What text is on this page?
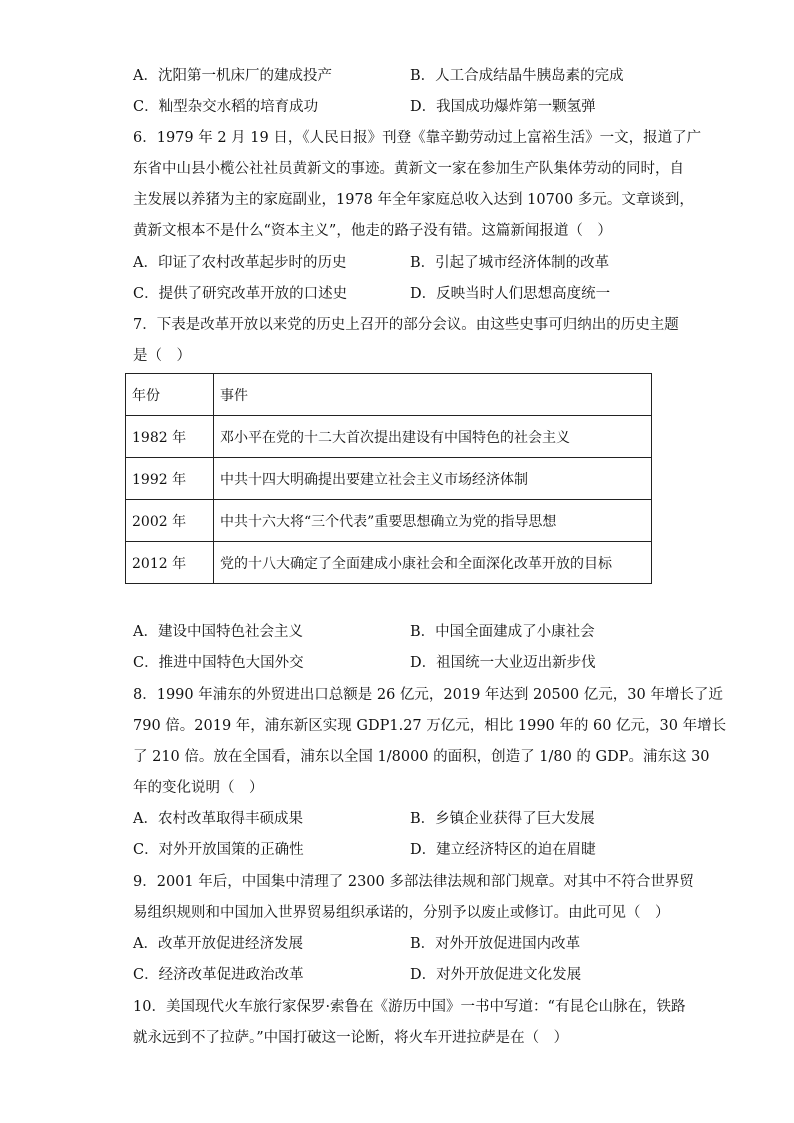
A．沈阳第一机床厂的建成投产	B．人工合成结晶牛胰岛素的完成
C．籼型杂交水稻的培育成功	D．我国成功爆炸第一颗氢弹
6．1979 年 2 月 19 日，《人民日报》刊登《靠辛勤劳动过上富裕生活》一文，报道了广
东省中山县小榄公社社员黄新文的事迹。黄新文一家在参加生产队集体劳动的同时，自
主发展以养猪为主的家庭副业，1978 年全年家庭总收入达到 10700 多元。文章谈到，
黄新文根本不是什么“资本主义”，他走的路子没有错。这篇新闻报道（　）
A．印证了农村改革起步时的历史	B．引起了城市经济体制的改革
C．提供了研究改革开放的口述史	D．反映当时人们思想高度统一
7．下表是改革开放以来党的历史上召开的部分会议。由这些史事可归纳出的历史主题
是（　）
年份	事件
1982 年	邓小平在党的十二大首次提出建设有中国特色的社会主义
1992 年	中共十四大明确提出要建立社会主义市场经济体制
2002 年	中共十六大将“三个代表”重要思想确立为党的指导思想
2012 年	党的十八大确定了全面建成小康社会和全面深化改革开放的目标
A．建设中国特色社会主义	B．中国全面建成了小康社会
C．推进中国特色大国外交	D．祖国统一大业迈出新步伐
8．1990 年浦东的外贸进出口总额是 26 亿元，2019 年达到 20500 亿元，30 年增长了近
790 倍。2019 年，浦东新区实现 GDP1.27 万亿元，相比 1990 年的 60 亿元，30 年增长
了 210 倍。放在全国看，浦东以全国 1/8000 的面积，创造了 1/80 的 GDP。浦东这 30
年的变化说明（　）
A．农村改革取得丰硕成果	B．乡镇企业获得了巨大发展
C．对外开放国策的正确性	D．建立经济特区的迫在眉睫
9．2001 年后，中国集中清理了 2300 多部法律法规和部门规章。对其中不符合世界贸
易组织规则和中国加入世界贸易组织承诺的，分别予以废止或修订。由此可见（　）
A．改革开放促进经济发展	B．对外开放促进国内改革
C．经济改革促进政治改革	D．对外开放促进文化发展
10．美国现代火车旅行家保罗·索鲁在《游历中国》一书中写道：“有昆仑山脉在，铁路
就永远到不了拉萨。”中国打破这一论断，将火车开进拉萨是在（　）
